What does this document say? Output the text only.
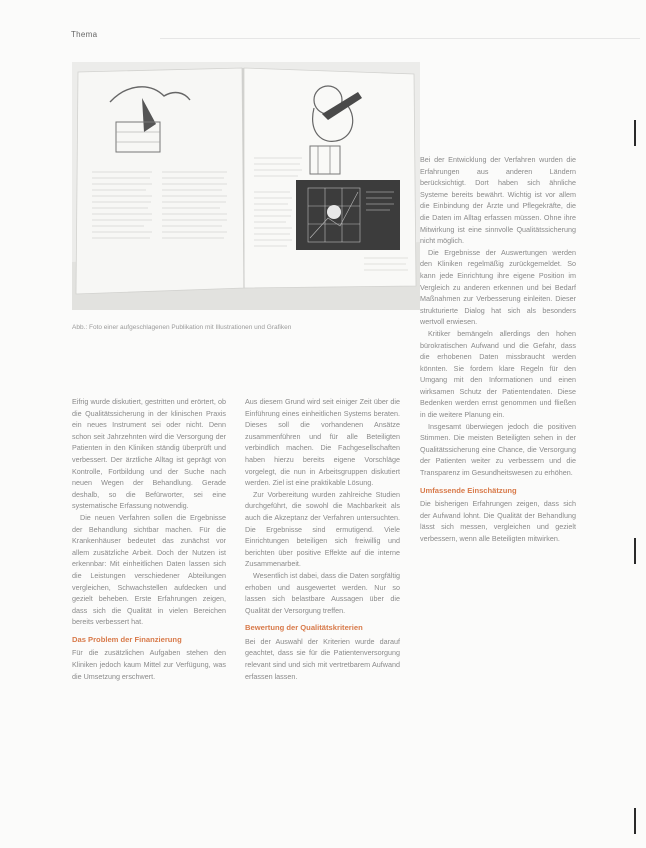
Thema
Abb.: Foto einer aufgeschlagenen Publikation mit Illustrationen und Grafiken

Eifrig wurde diskutiert, gestritten und erörtert, ob die Qualitätssicherung in der klinischen Praxis ein neues Instrument sei oder nicht. Denn schon seit Jahrzehnten wird die Versorgung der Patienten in den Kliniken ständig überprüft und verbessert. Der ärztliche Alltag ist geprägt von Kontrolle, Fortbildung und der Suche nach neuen Wegen der Behandlung. Gerade deshalb, so die Befürworter, sei eine systematische Erfassung notwendig.

Die neuen Verfahren sollen die Ergebnisse der Behandlung sichtbar machen. Für die Krankenhäuser bedeutet das zunächst vor allem zusätzliche Arbeit. Doch der Nutzen ist erkennbar: Mit einheitlichen Daten lassen sich die Leistungen verschiedener Abteilungen vergleichen, Schwachstellen aufdecken und gezielt beheben. Erste Erfahrungen zeigen, dass sich die Qualität in vielen Bereichen bereits verbessert hat.

Das Problem der Finanzierung

Für die zusätzlichen Aufgaben stehen den Kliniken jedoch kaum Mittel zur Verfügung, was die Umsetzung erschwert.

Aus diesem Grund wird seit einiger Zeit über die Einführung eines einheitlichen Systems beraten. Dieses soll die vorhandenen Ansätze zusammenführen und für alle Beteiligten verbindlich machen. Die Fachgesellschaften haben hierzu bereits eigene Vorschläge vorgelegt, die nun in Arbeitsgruppen diskutiert werden. Ziel ist eine praktikable Lösung.

Zur Vorbereitung wurden zahlreiche Studien durchgeführt, die sowohl die Machbarkeit als auch die Akzeptanz der Verfahren untersuchten. Die Ergebnisse sind ermutigend. Viele Einrichtungen beteiligen sich freiwillig und berichten über positive Effekte auf die interne Zusammenarbeit.

Wesentlich ist dabei, dass die Daten sorgfältig erhoben und ausgewertet werden. Nur so lassen sich belastbare Aussagen über die Qualität der Versorgung treffen.

Bewertung der Qualitätskriterien

Bei der Auswahl der Kriterien wurde darauf geachtet, dass sie für die Patientenversorgung relevant sind und sich mit vertretbarem Aufwand erfassen lassen.

Bei der Entwicklung der Verfahren wurden die Erfahrungen aus anderen Ländern berücksichtigt. Dort haben sich ähnliche Systeme bereits bewährt. Wichtig ist vor allem die Einbindung der Ärzte und Pflegekräfte, die die Daten im Alltag erfassen müssen. Ohne ihre Mitwirkung ist eine sinnvolle Qualitätssicherung nicht möglich.

Die Ergebnisse der Auswertungen werden den Kliniken regelmäßig zurückgemeldet. So kann jede Einrichtung ihre eigene Position im Vergleich zu anderen erkennen und bei Bedarf Maßnahmen zur Verbesserung einleiten. Dieser strukturierte Dialog hat sich als besonders wertvoll erwiesen.

Kritiker bemängeln allerdings den hohen bürokratischen Aufwand und die Gefahr, dass die erhobenen Daten missbraucht werden könnten. Sie fordern klare Regeln für den Umgang mit den Informationen und einen wirksamen Schutz der Patientendaten. Diese Bedenken werden ernst genommen und fließen in die weitere Planung ein.

Insgesamt überwiegen jedoch die positiven Stimmen. Die meisten Beteiligten sehen in der Qualitätssicherung eine Chance, die Versorgung der Patienten weiter zu verbessern und die Transparenz im Gesundheitswesen zu erhöhen.

Umfassende Einschätzung

Die bisherigen Erfahrungen zeigen, dass sich der Aufwand lohnt. Die Qualität der Behandlung lässt sich messen, vergleichen und gezielt verbessern, wenn alle Beteiligten mitwirken.
